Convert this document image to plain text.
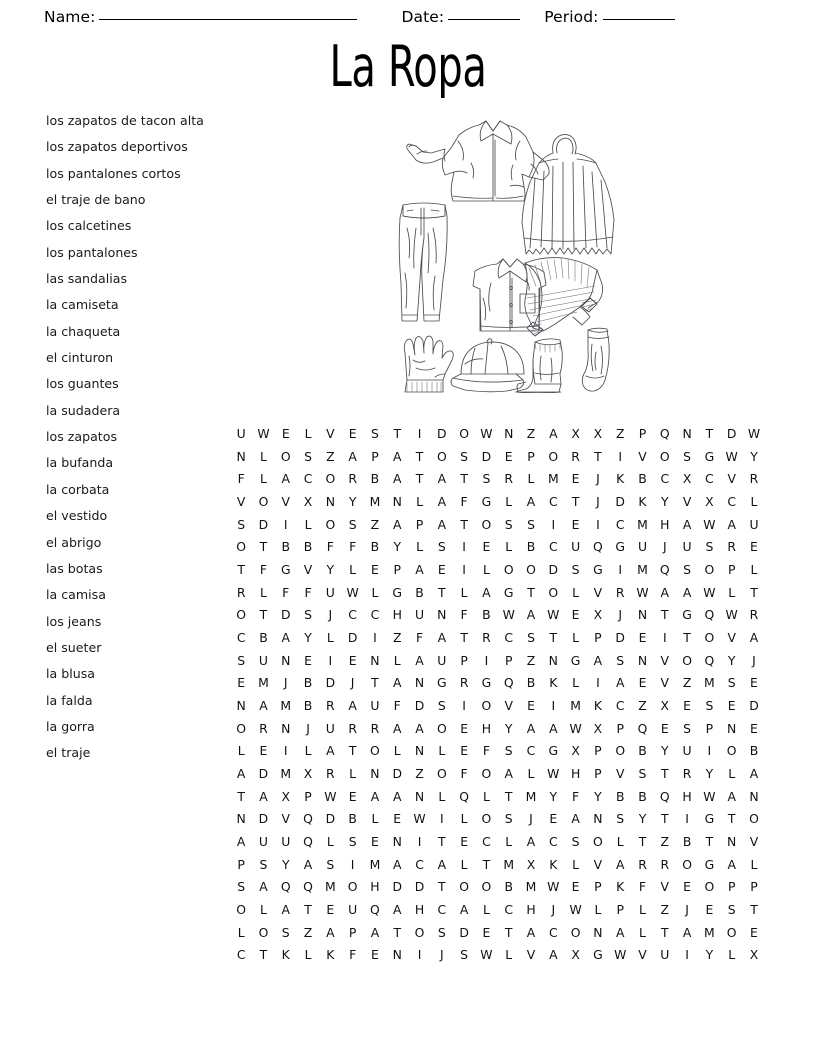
Name:	Date:	Period:
La Ropa
los zapatos de tacon alta
los zapatos deportivos
los pantalones cortos
el traje de bano
los calcetines
los pantalones
las sandalias
la camiseta
la chaqueta
el cinturon
los guantes
la sudadera
los zapatos
la bufanda
la corbata
el vestido
el abrigo
las botas
la camisa
los jeans
el sueter
la blusa
la falda
la gorra
el traje
U	W	E	L	V	E	S	T	I	D	O	W	N	Z	A	X	X	Z	P	Q	N	T	D	W
N	L	O	S	Z	A	P	A	T	O	S	D	E	P	O	R	T	I	V	O	S	G	W	Y
F	L	A	C	O	R	B	A	T	A	T	S	R	L	M	E	J	K	B	C	X	C	V	R
V	O	V	X	N	Y	M	N	L	A	F	G	L	A	C	T	J	D	K	Y	V	X	C	L
S	D	I	L	O	S	Z	A	P	A	T	O	S	S	I	E	I	C	M	H	A	W	A	U
O	T	B	B	F	F	B	Y	L	S	I	E	L	B	C	U	Q	G	U	J	U	S	R	E
T	F	G	V	Y	L	E	P	A	E	I	L	O	O	D	S	G	I	M	Q	S	O	P	L
R	L	F	F	U	W	L	G	B	T	L	A	G	T	O	L	V	R	W	A	A	W	L	T
O	T	D	S	J	C	C	H	U	N	F	B	W	A	W	E	X	J	N	T	G	Q	W	R
C	B	A	Y	L	D	I	Z	F	A	T	R	C	S	T	L	P	D	E	I	T	O	V	A
S	U	N	E	I	E	N	L	A	U	P	I	P	Z	N	G	A	S	N	V	O	Q	Y	J
E	M	J	B	D	J	T	A	N	G	R	G	Q	B	K	L	I	A	E	V	Z	M	S	E
N	A	M	B	R	A	U	F	D	S	I	O	V	E	I	M	K	C	Z	X	E	S	E	D
O	R	N	J	U	R	R	A	A	O	E	H	Y	A	A	W	X	P	Q	E	S	P	N	E
L	E	I	L	A	T	O	L	N	L	E	F	S	C	G	X	P	O	B	Y	U	I	O	B
A	D	M	X	R	L	N	D	Z	O	F	O	A	L	W	H	P	V	S	T	R	Y	L	A
T	A	X	P	W	E	A	A	N	L	Q	L	T	M	Y	F	Y	B	B	Q	H	W	A	N
N	D	V	Q	D	B	L	E	W	I	L	O	S	J	E	A	N	S	Y	T	I	G	T	O
A	U	U	Q	L	S	E	N	I	T	E	C	L	A	C	S	O	L	T	Z	B	T	N	V
P	S	Y	A	S	I	M	A	C	A	L	T	M	X	K	L	V	A	R	R	O	G	A	L
S	A	Q	Q	M	O	H	D	D	T	O	O	B	M	W	E	P	K	F	V	E	O	P	P
O	L	A	T	E	U	Q	A	H	C	A	L	C	H	J	W	L	P	L	Z	J	E	S	T
L	O	S	Z	A	P	A	T	O	S	D	E	T	A	C	O	N	A	L	T	A	M	O	E
C	T	K	L	K	F	E	N	I	J	S	W	L	V	A	X	G	W	V	U	I	Y	L	X
